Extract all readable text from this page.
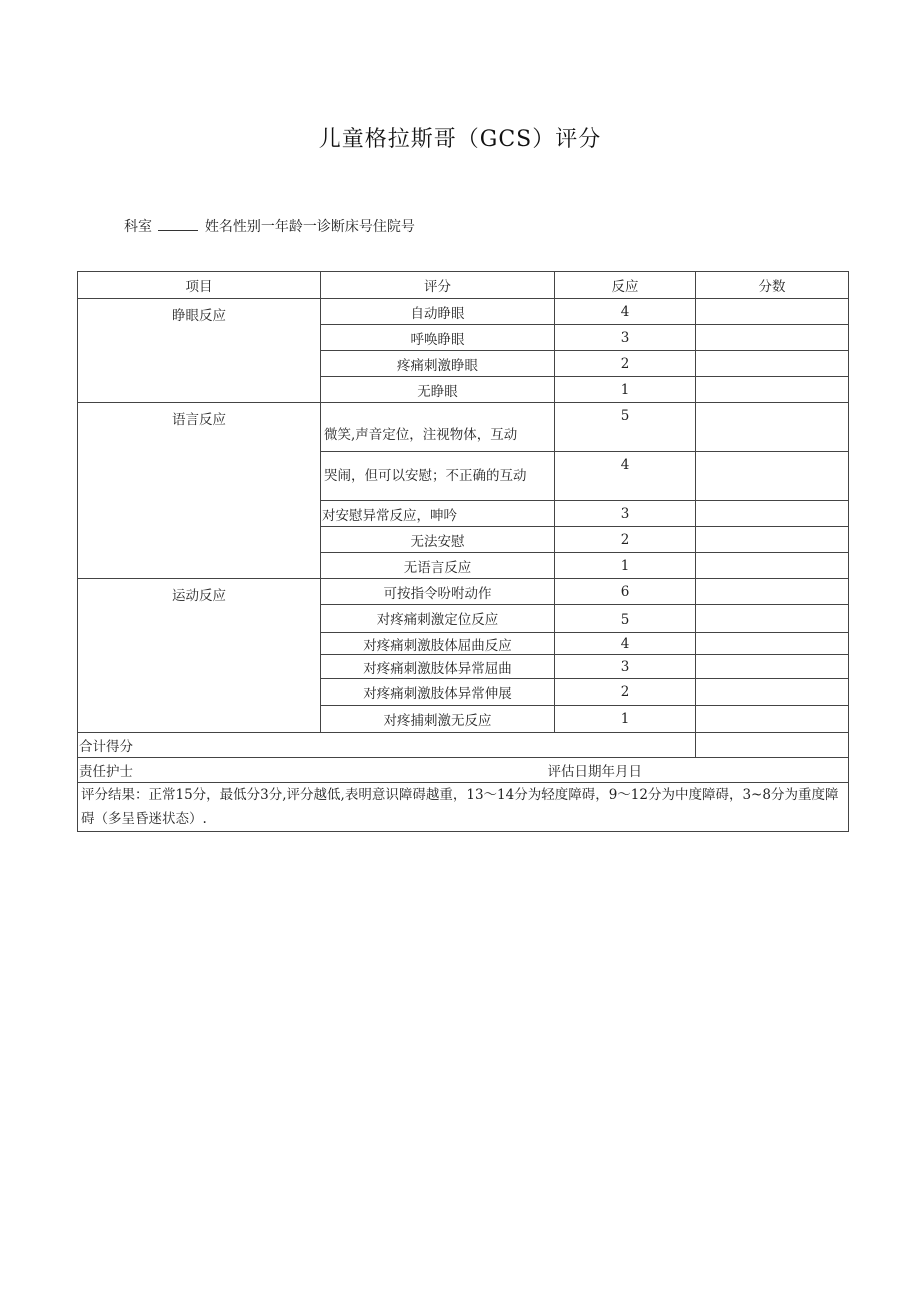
儿童格拉斯哥（GCS）评分
科室	姓名性别一年龄一诊断床号住院号
项目	评分	反应	分数
睁眼反应	自动睁眼	4	
	呼唤睁眼	3	
	疼痛刺激睁眼	2	
	无睁眼	1	
语言反应	微笑,声音定位，注视物体，互动	5	
	哭闹，但可以安慰；不正确的互动	4	
	对安慰异常反应，呻吟	3	
	无法安慰	2	
	无语言反应	1	
运动反应	可按指令吩咐动作	6	
	对疼痛刺激定位反应	5	
	对疼痛刺激肢体屈曲反应	4	
	对疼痛刺激肢体异常屈曲	3	
	对疼痛刺激肢体异常伸展	2	
	对疼捕刺激无反应	1	
合计得分			

责任护士 评估日期年月日			

评分结果：正常15分，最低分3分,评分越低,表明意识障碍越重，13～14分为轻度障碍，9～12分为中度障碍，3~8分为重度障碍（多呈昏迷状态）.			
